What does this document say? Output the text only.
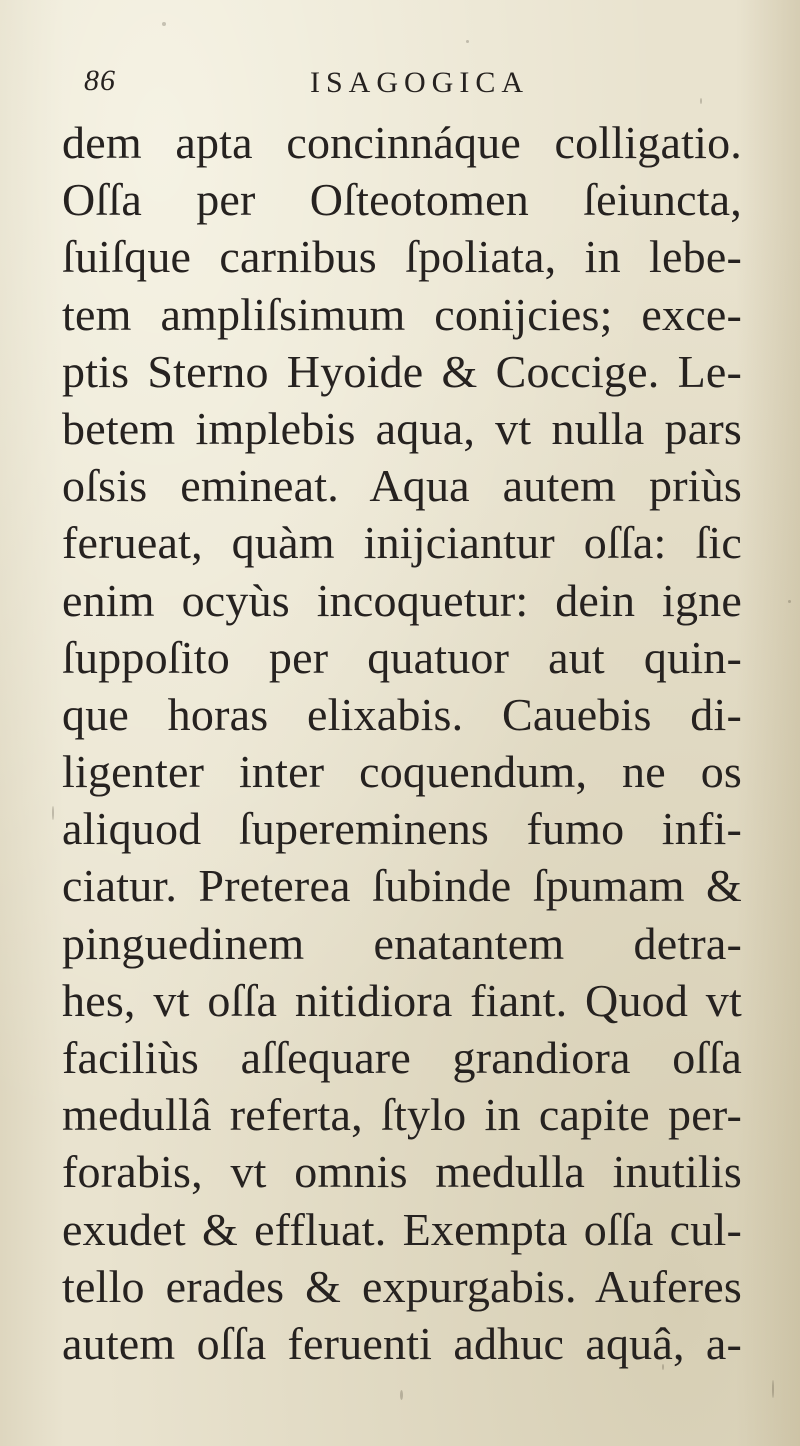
86	ISAGOGICA
dem apta concinnáque colligatio.
Oſſa per Oſteotomen ſeiuncta,
ſuiſque carnibus ſpoliata, in lebe-
tem ampliſsimum conijcies; exce-
ptis Sterno Hyoide & Coccige. Le-
betem implebis aqua, vt nulla pars
oſsis emineat. Aqua autem priùs
ferueat, quàm inijciantur oſſa: ſic
enim ocyùs incoquetur: dein igne
ſuppoſito per quatuor aut quin-
que horas elixabis. Cauebis di-
ligenter inter coquendum, ne os
aliquod ſupereminens fumo infi-
ciatur. Preterea ſubinde ſpumam &
pinguedinem enatantem detra-
hes, vt oſſa nitidiora fiant. Quod vt
faciliùs aſſequare grandiora oſſa
medullâ referta, ſtylo in capite per-
forabis, vt omnis medulla inutilis
exudet & effluat. Exempta oſſa cul-
tello erades & expurgabis. Auferes
autem oſſa feruenti adhuc aquâ, a-
